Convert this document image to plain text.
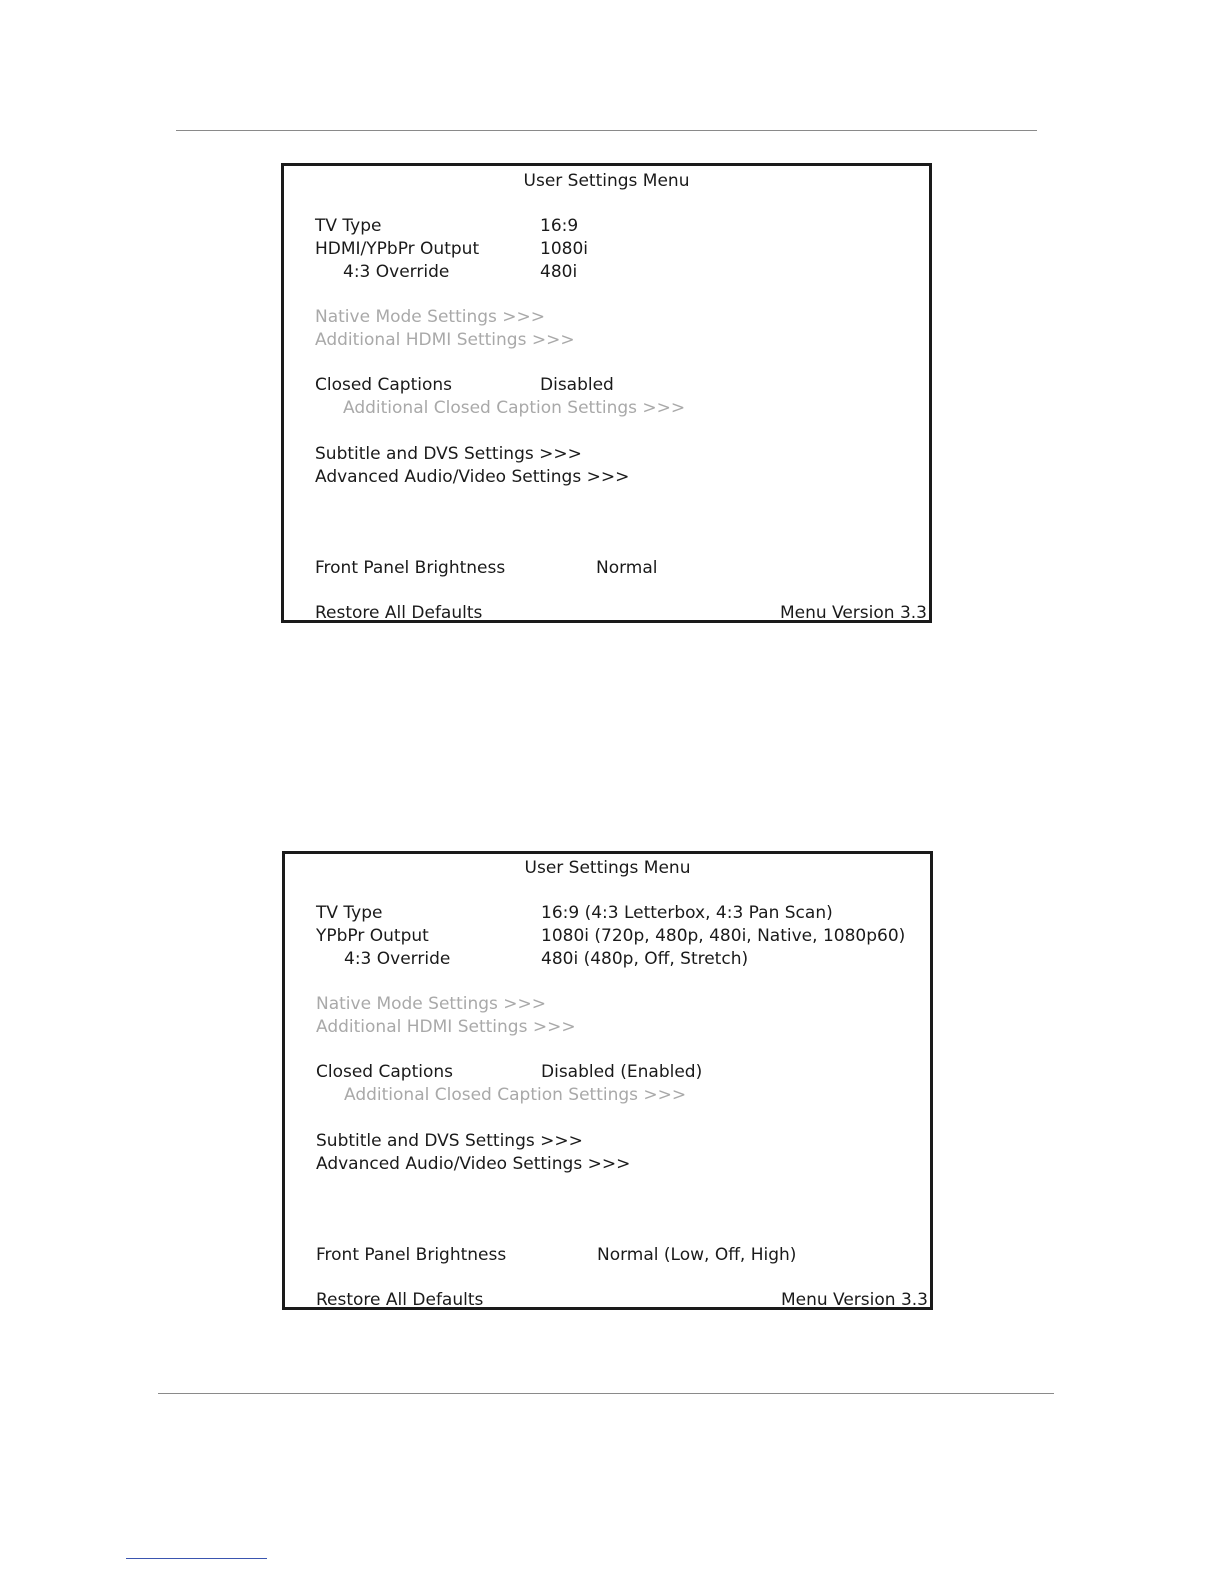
User Settings Menu
TV Type	16:9
HDMI/YPbPr Output	1080i
4:3 Override	480i
Native Mode Settings >>>
Additional HDMI Settings >>>
Closed Captions	Disabled
Additional Closed Caption Settings >>>
Subtitle and DVS Settings >>>
Advanced Audio/Video Settings >>>
Front Panel Brightness	Normal
Restore All Defaults	Menu Version 3.3
User Settings Menu
TV Type	16:9 (4:3 Letterbox, 4:3 Pan Scan)
YPbPr Output	1080i (720p, 480p, 480i, Native, 1080p60)
4:3 Override	480i (480p, Off, Stretch)
Native Mode Settings >>>
Additional HDMI Settings >>>
Closed Captions	Disabled (Enabled)
Additional Closed Caption Settings >>>
Subtitle and DVS Settings >>>
Advanced Audio/Video Settings >>>
Front Panel Brightness	Normal (Low, Off, High)
Restore All Defaults	Menu Version 3.3
